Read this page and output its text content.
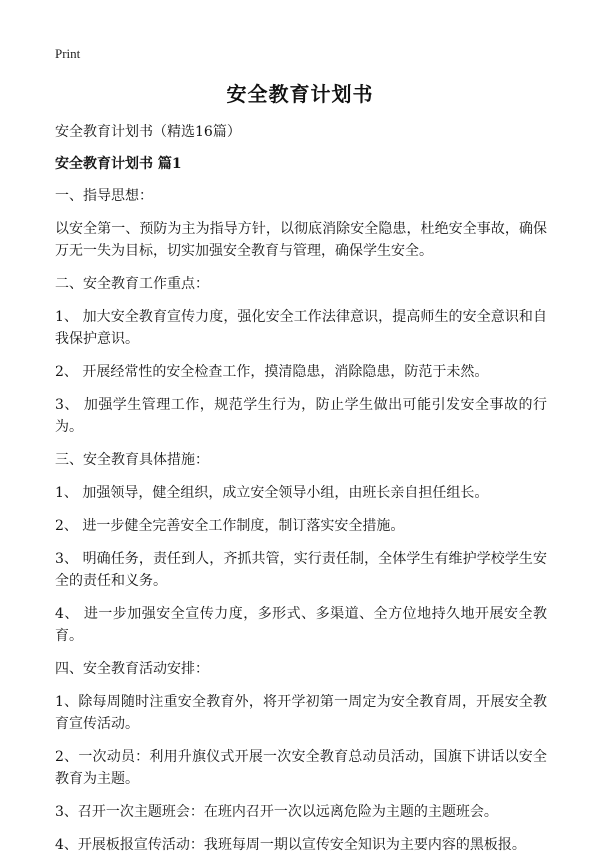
Print
安全教育计划书
安全教育计划书（精选16篇）
安全教育计划书 篇1
一、指导思想：
以安全第一、预防为主为指导方针，以彻底消除安全隐患，杜绝安全事故，确保万无一失为目标，切实加强安全教育与管理，确保学生安全。
二、安全教育工作重点：
1、 加大安全教育宣传力度，强化安全工作法律意识，提高师生的安全意识和自我保护意识。
2、 开展经常性的安全检查工作，摸清隐患，消除隐患，防范于未然。
3、 加强学生管理工作，规范学生行为，防止学生做出可能引发安全事故的行为。
三、安全教育具体措施：
1、 加强领导，健全组织，成立安全领导小组，由班长亲自担任组长。
2、 进一步健全完善安全工作制度，制订落实安全措施。
3、 明确任务，责任到人，齐抓共管，实行责任制，全体学生有维护学校学生安全的责任和义务。
4、 进一步加强安全宣传力度，多形式、多渠道、全方位地持久地开展安全教育。
四、安全教育活动安排：
1、除每周随时注重安全教育外，将开学初第一周定为安全教育周，开展安全教育宣传活动。
2、一次动员：利用升旗仪式开展一次安全教育总动员活动，国旗下讲话以安全教育为主题。
3、召开一次主题班会：在班内召开一次以远离危险为主题的主题班会。
4、开展板报宣传活动：我班每周一期以宣传安全知识为主要内容的黑板报。
